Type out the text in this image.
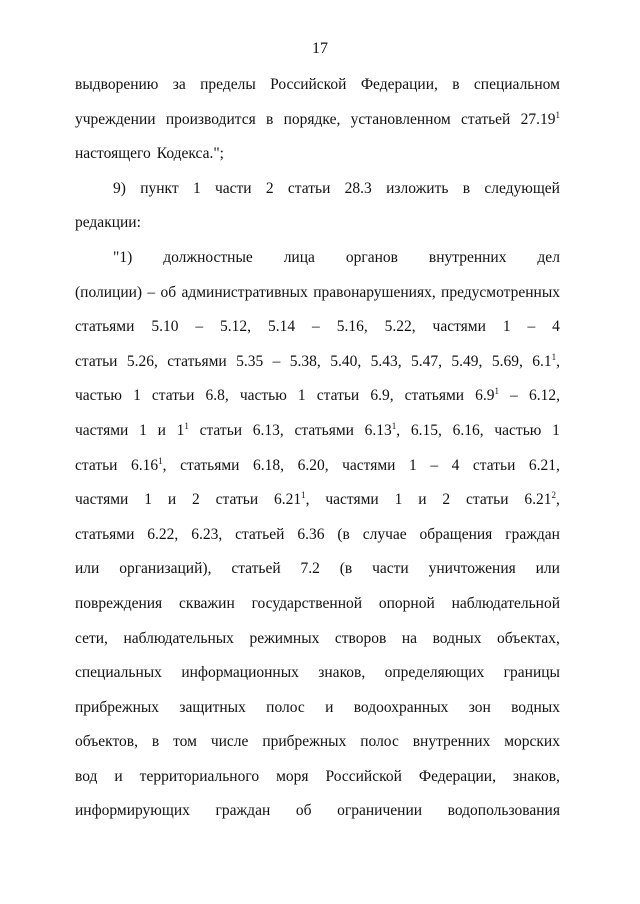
17
выдворению за пределы Российской Федерации, в специальном
учреждении производится в порядке, установленном статьей 27.19$^1$
настоящего Кодекса.";
9) пункт 1 части 2 статьи 28.3 изложить в следующей
редакции:
"1) должностные лица органов внутренних дел
(полиции) – об административных правонарушениях, предусмотренных
статьями 5.10 – 5.12, 5.14 – 5.16, 5.22, частями 1 – 4
статьи 5.26, статьями 5.35 – 5.38, 5.40, 5.43, 5.47, 5.49, 5.69, $6.1^1$,
частью 1 статьи 6.8, частью 1 статьи 6.9, статьями $6.9^1 - 6.12$,
частями 1 и $1^1$ статьи 6.13, статьями 6.13$^1$, 6.15, 6.16, частью 1
статьи 6.16$^1$, статьями 6.18, 6.20, частями 1 – 4 статьи 6.21,
частями 1 и 2 статьи 6.21$^1$, частями 1 и 2 статьи 6.21$^2$,
статьями 6.22, 6.23, статьей 6.36 (в случае обращения граждан
или организаций), статьей 7.2 (в части уничтожения или
повреждения скважин государственной опорной наблюдательной
сети, наблюдательных режимных створов на водных объектах,
специальных информационных знаков, определяющих границы
прибрежных защитных полос и водоохранных зон водных
объектов, в том числе прибрежных полос внутренних морских
вод и территориального моря Российской Федерации, знаков,
информирующих граждан об ограничении водопользования
